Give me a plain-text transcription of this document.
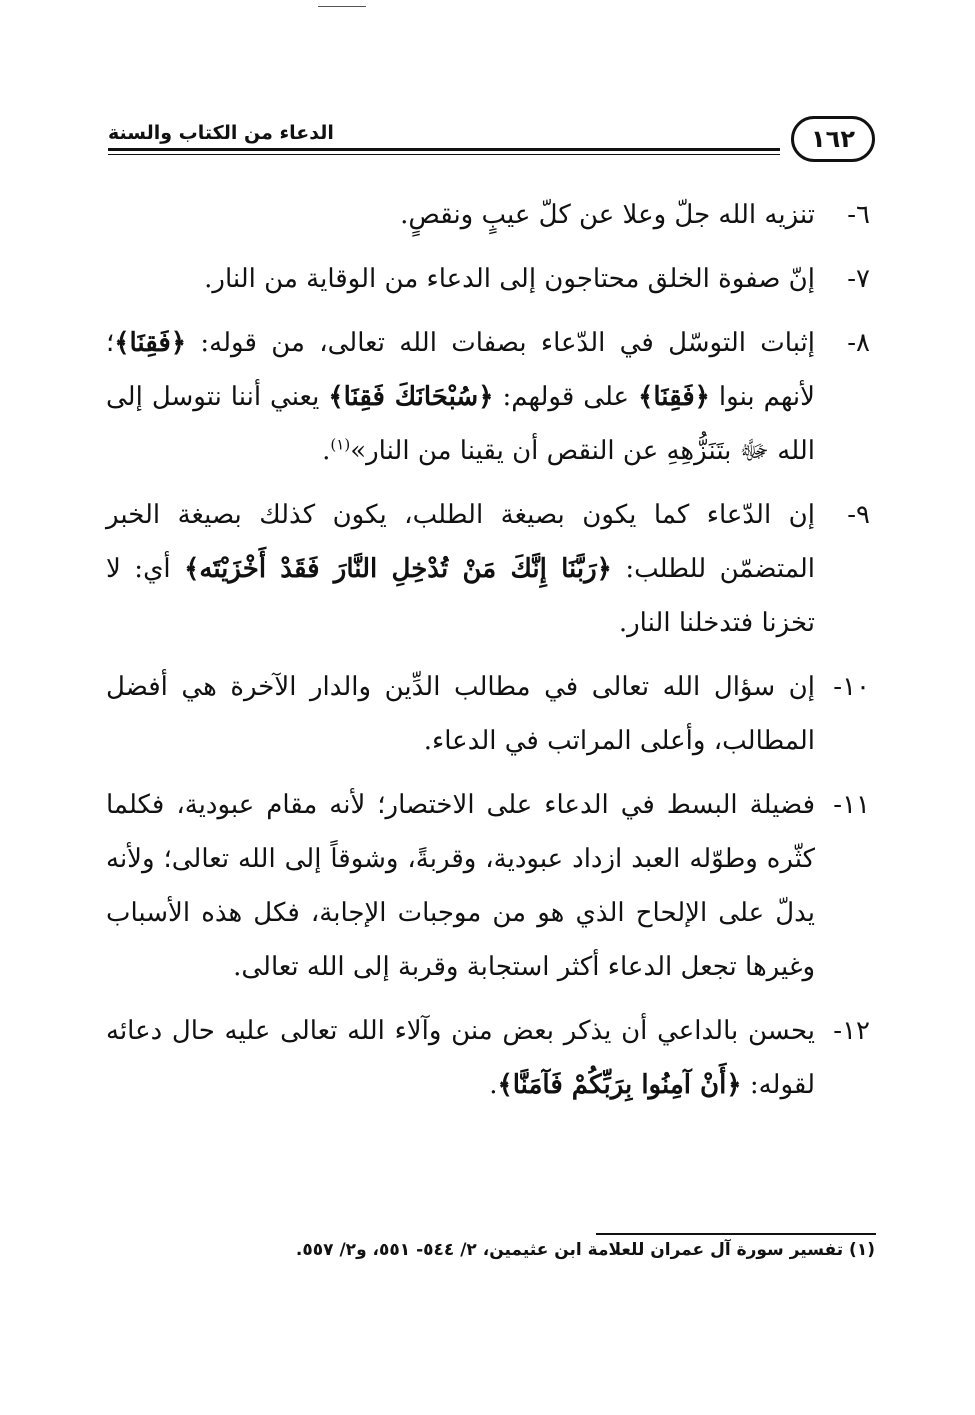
الدعاء من الكتاب والسنة	١٦٢

٦-
تنزيه الله جلّ وعلا عن كلّ عيبٍ ونقصٍ.

٧-
إنّ صفوة الخلق محتاجون إلى الدعاء من الوقاية من النار.

٨-
إثبات التوسّل في الدّعاء بصفات الله تعالى، من قوله: ﴿فَقِنَا﴾؛ لأنهم بنوا ﴿فَقِنَا﴾ على قولهم: ﴿سُبْحَانَكَ فَقِنَا﴾ يعني أننا نتوسل إلى الله ﷻ بتَنَزُّهِهِ عن النقص أن يقينا من النار»$^{(١)}$.

٩-
إن الدّعاء كما يكون بصيغة الطلب، يكون كذلك بصيغة الخبر المتضمّن للطلب: ﴿رَبَّنَا إِنَّكَ مَنْ تُدْخِلِ النَّارَ فَقَدْ أَخْزَيْتَه﴾ أي: لا تخزنا فتدخلنا النار.

١٠-
إن سؤال الله تعالى في مطالب الدِّين والدار الآخرة هي أفضل المطالب، وأعلى المراتب في الدعاء.

١١-
فضيلة البسط في الدعاء على الاختصار؛ لأنه مقام عبودية، فكلما كثّره وطوّله العبد ازداد عبودية، وقربةً، وشوقاً إلى الله تعالى؛ ولأنه يدلّ على الإلحاح الذي هو من موجبات الإجابة، فكل هذه الأسباب وغيرها تجعل الدعاء أكثر استجابة وقربة إلى الله تعالى.

١٢-
يحسن بالداعي أن يذكر بعض منن وآلاء الله تعالى عليه حال دعائه لقوله: ﴿أَنْ آمِنُوا بِرَبِّكُمْ فَآمَنَّا﴾.

(١) تفسير سورة آل عمران للعلامة ابن عثيمين، ٢/ ٥٤٤- ٥٥١، و٢/ ٥٥٧.
